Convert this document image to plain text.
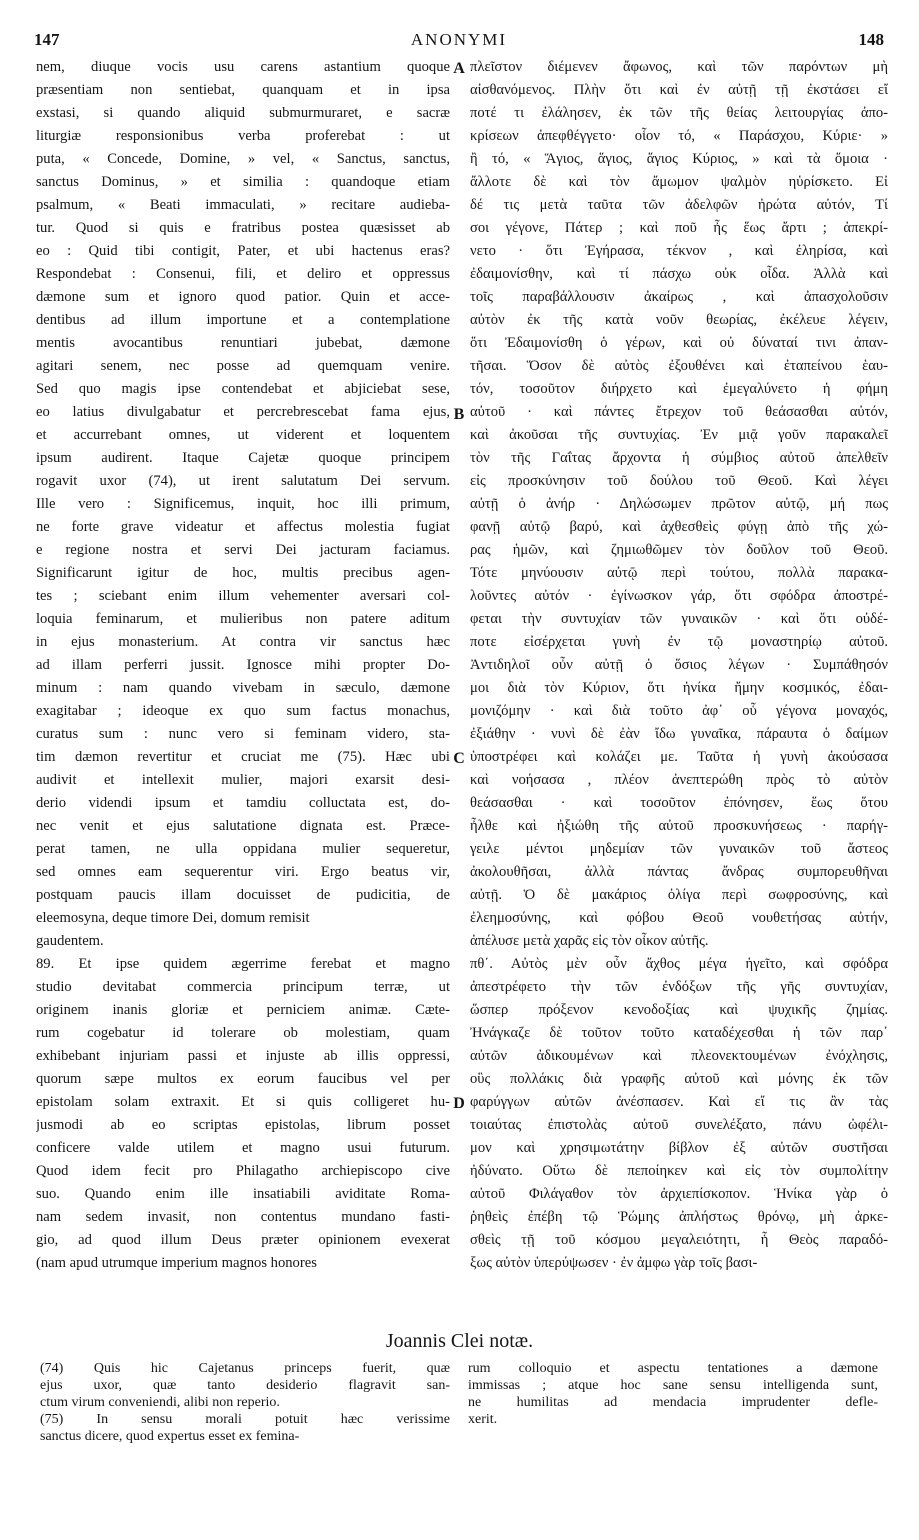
147	ANONYMI	148
nem, diuque vocis usu carens astantium quoque
præsentiam non sentiebat, quanquam et in ipsa
exstasi, si quando aliquid submurmuraret, e sacræ
liturgiæ responsionibus verba proferebat : ut
puta, « Concede, Domine, » vel, « Sanctus, sanctus,
sanctus Dominus, » et similia : quandoque etiam
psalmum, « Beati immaculati, » recitare audieba-
tur. Quod si quis e fratribus postea quæsisset ab
eo : Quid tibi contigit, Pater, et ubi hactenus eras?
Respondebat : Consenui, fili, et deliro et oppressus
dæmone sum et ignoro quod patior. Quin et acce-
dentibus ad illum importune et a contemplatione
mentis avocantibus renuntiari jubebat, dæmone
agitari senem, nec posse ad quemquam venire.
Sed quo magis ipse contendebat et abjiciebat sese,
eo latius divulgabatur et percrebrescebat fama ejus,
et accurrebant omnes, ut viderent et loquentem
ipsum audirent. Itaque Cajetæ quoque principem
rogavit uxor (74), ut irent salutatum Dei servum.
Ille vero : Significemus, inquit, hoc illi primum,
ne forte grave videatur et affectus molestia fugiat
e regione nostra et servi Dei jacturam faciamus.
Significarunt igitur de hoc, multis precibus agen-
tes ; sciebant enim illum vehementer aversari col-
loquia feminarum, et mulieribus non patere aditum
in ejus monasterium. At contra vir sanctus hæc
ad illam perferri jussit. Ignosce mihi propter Do-
minum : nam quando vivebam in sæculo, dæmone
exagitabar ; ideoque ex quo sum factus monachus,
curatus sum : nunc vero si feminam videro, sta-
tim dæmon revertitur et cruciat me (75). Hæc ubi
audivit et intellexit mulier, majori exarsit desi-
derio videndi ipsum et tamdiu colluctata est, do-
nec venit et ejus salutatione dignata est. Præce-
perat tamen, ne ulla oppidana mulier sequeretur,
sed omnes eam sequerentur viri. Ergo beatus vir,
postquam paucis illam docuisset de pudicitia, de
eleemosyna, deque timore Dei, domum remisit
gaudentem.
89. Et ipse quidem ægerrime ferebat et magno
studio devitabat commercia principum terræ, ut
originem inanis gloriæ et perniciem animæ. Cæte-
rum cogebatur id tolerare ob molestiam, quam
exhibebant injuriam passi et injuste ab illis oppressi,
quorum sæpe multos ex eorum faucibus vel per
epistolam solam extraxit. Et si quis colligeret hu-
jusmodi ab eo scriptas epistolas, librum posset
conficere valde utilem et magno usui futurum.
Quod idem fecit pro Philagatho archiepiscopo cive
suo. Quando enim ille insatiabili aviditate Roma-
nam sedem invasit, non contentus mundano fasti-
gio, ad quod illum Deus præter opinionem evexerat
(nam apud utrumque imperium magnos honores
A
B
C
D
πλεῖστον διέμενεν ἄφωνος, καὶ τῶν παρόντων μὴ
αἰσθανόμενος. Πλὴν ὅτι καὶ ἐν αὐτῇ τῇ ἐκστάσει εἴ
ποτέ τι ἐλάλησεν, ἐκ τῶν τῆς θείας λειτουργίας ἀπο-
κρίσεων ἀπεφθέγγετο· οἷον τό, « Παράσχου, Κύριε· »
ἢ τό, « Ἅγιος, ἅγιος, ἅγιος Κύριος, » καὶ τὰ ὅμοια ·
ἄλλοτε δὲ καὶ τὸν ἄμωμον ψαλμὸν ηὑρίσκετο. Εἰ
δέ τις μετὰ ταῦτα τῶν ἀδελφῶν ἠρώτα αὐτόν, Τί
σοι γέγονε, Πάτερ ; καὶ ποῦ ἦς ἕως ἄρτι ; ἀπεκρί-
νετο · ὅτι Ἐγήρασα, τέκνον , καὶ ἐληρίσα, καὶ
ἐδαιμονίσθην, καὶ τί πάσχω οὐκ οἶδα. Ἀλλὰ καὶ
τοῖς παραβάλλουσιν ἀκαίρως , καὶ ἀπασχολοῦσιν
αὐτὸν ἐκ τῆς κατὰ νοῦν θεωρίας, ἐκέλευε λέγειν,
ὅτι Ἐδαιμονίσθη ὁ γέρων, καὶ οὐ δύναταί τινι ἀπαν-
τῆσαι. Ὅσον δὲ αὐτὸς ἐξουθένει καὶ ἐταπείνου ἑαυ-
τόν, τοσοῦτον διήρχετο καὶ ἐμεγαλύνετο ἡ φήμη
αὐτοῦ · καὶ πάντες ἔτρεχον τοῦ θεάσασθαι αὐτόν,
καὶ ἀκοῦσαι τῆς συντυχίας. Ἐν μιᾷ γοῦν παρακαλεῖ
τὸν τῆς Γαΐτας ἄρχοντα ἡ σύμβιος αὐτοῦ ἀπελθεῖν
εἰς προσκύνησιν τοῦ δούλου τοῦ Θεοῦ. Καὶ λέγει
αὐτῇ ὁ ἀνήρ · Δηλώσωμεν πρῶτον αὐτῷ, μή πως
φανῇ αὐτῷ βαρύ, καὶ ἀχθεσθεὶς φύγῃ ἀπὸ τῆς χώ-
ρας ἡμῶν, καὶ ζημιωθῶμεν τὸν δοῦλον τοῦ Θεοῦ.
Τότε μηνύουσιν αὐτῷ περὶ τούτου, πολλὰ παρακα-
λοῦντες αὐτόν · ἐγίνωσκον γάρ, ὅτι σφόδρα ἀποστρέ-
φεται τὴν συντυχίαν τῶν γυναικῶν · καὶ ὅτι οὐδέ-
ποτε εἰσέρχεται γυνὴ ἐν τῷ μοναστηρίῳ αὐτοῦ.
Ἀντιδηλοῖ οὖν αὐτῇ ὁ ὅσιος λέγων · Συμπάθησόν
μοι διὰ τὸν Κύριον, ὅτι ἡνίκα ἤμην κοσμικός, ἐδαι-
μονιζόμην · καὶ διὰ τοῦτο ἀφ᾽ οὗ γέγονα μοναχός,
ἐξιάθην · νυνὶ δὲ ἐὰν ἴδω γυναῖκα, πάραυτα ὁ δαίμων
ὑποστρέφει καὶ κολάζει με. Ταῦτα ἡ γυνὴ ἀκούσασα
καὶ νοήσασα , πλέον ἀνεπτερώθη πρὸς τὸ αὐτὸν
θεάσασθαι · καὶ τοσοῦτον ἐπόνησεν, ἕως ὅτου
ἦλθε καὶ ἠξιώθη τῆς αὐτοῦ προσκυνήσεως · παρήγ-
γειλε μέντοι μηδεμίαν τῶν γυναικῶν τοῦ ἄστεος
ἀκολουθῆσαι, ἀλλὰ πάντας ἄνδρας συμπορευθῆναι
αὐτῇ. Ὁ δὲ μακάριος ὀλίγα περὶ σωφροσύνης, καὶ
ἐλεημοσύνης, καὶ φόβου Θεοῦ νουθετήσας αὐτήν,
ἀπέλυσε μετὰ χαρᾶς εἰς τὸν οἶκον αὐτῆς.
πθ΄. Αὐτὸς μὲν οὖν ἄχθος μέγα ἡγεῖτο, καὶ σφόδρα
ἀπεστρέφετο τὴν τῶν ἐνδόξων τῆς γῆς συντυχίαν,
ὥσπερ πρόξενον κενοδοξίας καὶ ψυχικῆς ζημίας.
Ἠνάγκαζε δὲ τοῦτον τοῦτο καταδέχεσθαι ἡ τῶν παρ᾽
αὐτῶν ἀδικουμένων καὶ πλεονεκτουμένων ἐνόχλησις,
οὓς πολλάκις διὰ γραφῆς αὐτοῦ καὶ μόνης ἐκ τῶν
φαρύγγων αὐτῶν ἀνέσπασεν. Καὶ εἴ τις ἂν τὰς
τοιαύτας ἐπιστολὰς αὐτοῦ συνελέξατο, πάνυ ὠφέλι-
μον καὶ χρησιμωτάτην βίβλον ἐξ αὐτῶν συστῆσαι
ἠδύνατο. Οὕτω δὲ πεποίηκεν καὶ εἰς τὸν συμπολίτην
αὐτοῦ Φιλάγαθον τὸν ἀρχιεπίσκοπον. Ἡνίκα γὰρ ὁ
ῥηθεὶς ἐπέβη τῷ Ῥώμης ἀπλήστως θρόνῳ, μὴ ἀρκε-
σθεὶς τῇ τοῦ κόσμου μεγαλειότητι, ἧ Θεὸς παραδό-
ξως αὐτὸν ὑπερύψωσεν · ἐν ἀμφω γὰρ τοῖς βασι-
Joannis Clei notæ.
(74) Quis hic Cajetanus princeps fuerit, quæ
ejus uxor, quæ tanto desiderio flagravit san-
ctum virum conveniendi, alibi non reperio.
(75) In sensu morali potuit hæc verissime
sanctus dicere, quod expertus esset ex femina-
rum colloquio et aspectu tentationes a dæmone
immissas ; atque hoc sane sensu intelligenda sunt,
ne humilitas ad mendacia imprudenter defle-
xerit.
